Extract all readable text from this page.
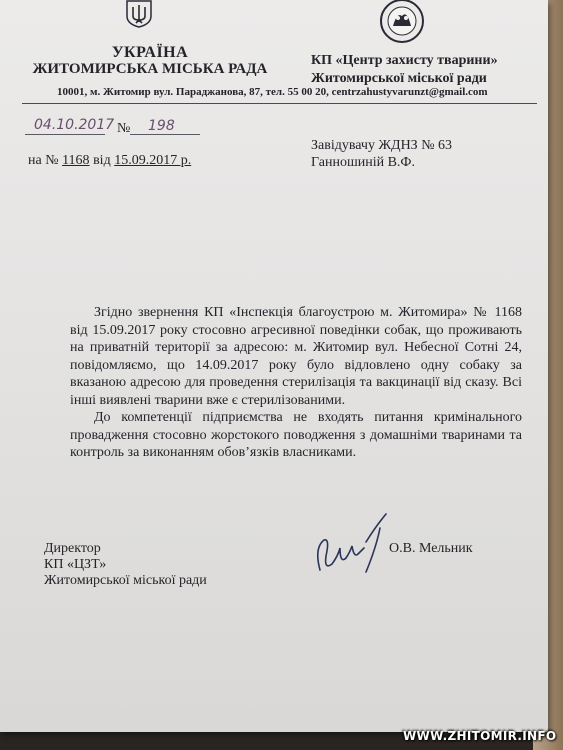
УКРАЇНА
ЖИТОМИРСЬКА МІСЬКА РАДА
КП «Центр захисту тварини»
Житомирської міської ради
10001, м. Житомир вул. Параджанова, 87, тел. 55 00 20, centrzahustyvarunzt@gmail.com
04.10.2017 № 198
на № 1168 від 15.09.2017 р.
Завідувачу ЖДНЗ № 63
Ганношиній В.Ф.

Згідно звернення КП «Інспекція благоустрою м. Житомира» № 1168 від 15.09.2017 року стосовно агресивної поведінки собак, що проживають на приватній території за адресою: м. Житомир вул. Небесної Сотні 24, повідомляємо, що 14.09.2017 року було відловлено одну собаку за вказаною адресою для проведення стерилізація та вакцинації від сказу. Всі інші виявлені тварини вже є стерилізованими.

До компетенції підприємства не входять питання кримінального провадження стосовно жорстокого поводження з домашніми тваринами та контроль за виконанням обов’язків власниками.

Директор
КП «ЦЗТ»
Житомирської міської ради
О.В. Мельник
WWW.ZHITOMIR.INFO
